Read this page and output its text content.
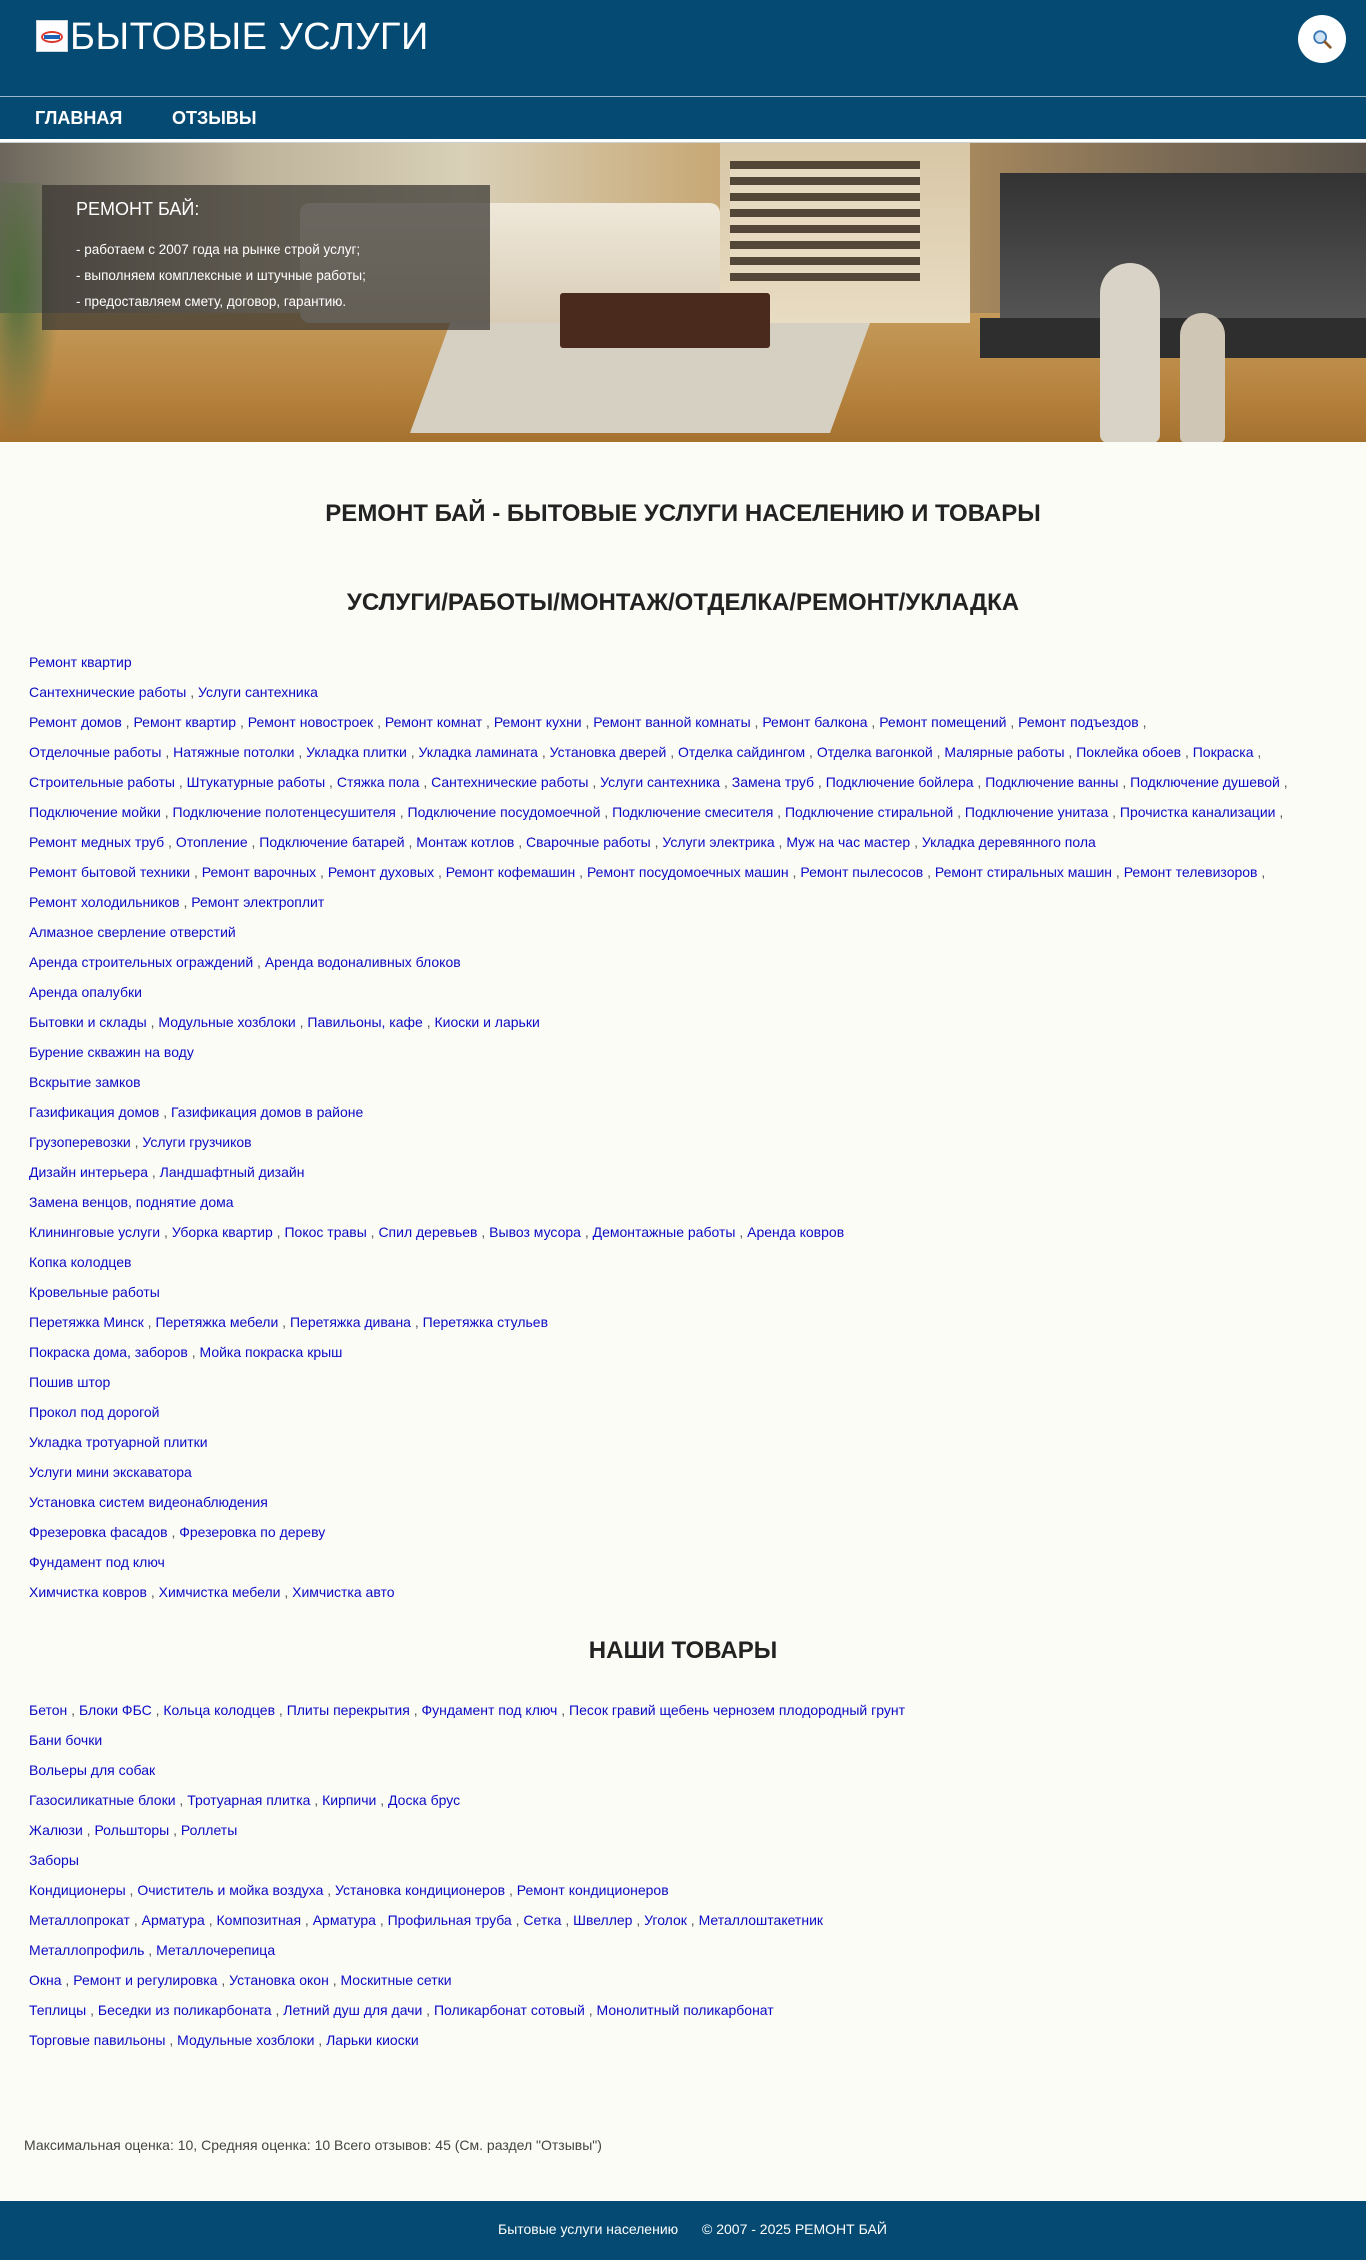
БЫТОВЫЕ УСЛУГИ
ГЛАВНАЯ	ОТЗЫВЫ
РЕМОНТ БАЙ:
- работаем с 2007 года на рынке строй услуг;
- выполняем комплексные и штучные работы;
- предоставляем смету, договор, гарантию.
РЕМОНТ БАЙ - БЫТОВЫЕ УСЛУГИ НАСЕЛЕНИЮ И ТОВАРЫ
УСЛУГИ/РАБОТЫ/МОНТАЖ/ОТДЕЛКА/РЕМОНТ/УКЛАДКА
Ремонт квартир
Сантехнические работы , Услуги сантехника
Ремонт домов , Ремонт квартир , Ремонт новостроек , Ремонт комнат , Ремонт кухни , Ремонт ванной комнаты , Ремонт балкона , Ремонт помещений , Ремонт подъездов ,
Отделочные работы , Натяжные потолки , Укладка плитки , Укладка ламината , Установка дверей , Отделка сайдингом , Отделка вагонкой , Малярные работы , Поклейка обоев , Покраска ,
Строительные работы , Штукатурные работы , Стяжка пола , Сантехнические работы , Услуги сантехника , Замена труб , Подключение бойлера , Подключение ванны , Подключение душевой ,
Подключение мойки , Подключение полотенцесушителя , Подключение посудомоечной , Подключение смесителя , Подключение стиральной , Подключение унитаза , Прочистка канализации ,
Ремонт медных труб , Отопление , Подключение батарей , Монтаж котлов , Сварочные работы , Услуги электрика , Муж на час мастер , Укладка деревянного пола
Ремонт бытовой техники , Ремонт варочных , Ремонт духовых , Ремонт кофемашин , Ремонт посудомоечных машин , Ремонт пылесосов , Ремонт стиральных машин , Ремонт телевизоров ,
Ремонт холодильников , Ремонт электроплит
Алмазное сверление отверстий
Аренда строительных ограждений , Аренда водоналивных блоков
Аренда опалубки
Бытовки и склады , Модульные хозблоки , Павильоны, кафе , Киоски и ларьки
Бурение скважин на воду
Вскрытие замков
Газификация домов , Газификация домов в районе
Грузоперевозки , Услуги грузчиков
Дизайн интерьера , Ландшафтный дизайн
Замена венцов, поднятие дома
Клининговые услуги , Уборка квартир , Покос травы , Спил деревьев , Вывоз мусора , Демонтажные работы , Аренда ковров
Копка колодцев
Кровельные работы
Перетяжка Минск , Перетяжка мебели , Перетяжка дивана , Перетяжка стульев
Покраска дома, заборов , Мойка покраска крыш
Пошив штор
Прокол под дорогой
Укладка тротуарной плитки
Услуги мини экскаватора
Установка систем видеонаблюдения
Фрезеровка фасадов , Фрезеровка по дереву
Фундамент под ключ
Химчистка ковров , Химчистка мебели , Химчистка авто
НАШИ ТОВАРЫ
Бетон , Блоки ФБС , Кольца колодцев , Плиты перекрытия , Фундамент под ключ , Песок гравий щебень чернозем плодородный грунт
Бани бочки
Вольеры для собак
Газосиликатные блоки , Тротуарная плитка , Кирпичи , Доска брус
Жалюзи , Рольшторы , Роллеты
Заборы
Кондиционеры , Очиститель и мойка воздуха , Установка кондиционеров , Ремонт кондиционеров
Металлопрокат , Арматура , Композитная , Арматура , Профильная труба , Сетка , Швеллер , Уголок , Металлоштакетник
Металлопрофиль , Металлочерепица
Окна , Ремонт и регулировка , Установка окон , Москитные сетки
Теплицы , Беседки из поликарбоната , Летний душ для дачи , Поликарбонат сотовый , Монолитный поликарбонат
Торговые павильоны , Модульные хозблоки , Ларьки киоски
Максимальная оценка: 10, Средняя оценка: 10 Всего отзывов: 45 (См. раздел "Отзывы")
Бытовые услуги населению © 2007 - 2025 РЕМОНТ БАЙ
